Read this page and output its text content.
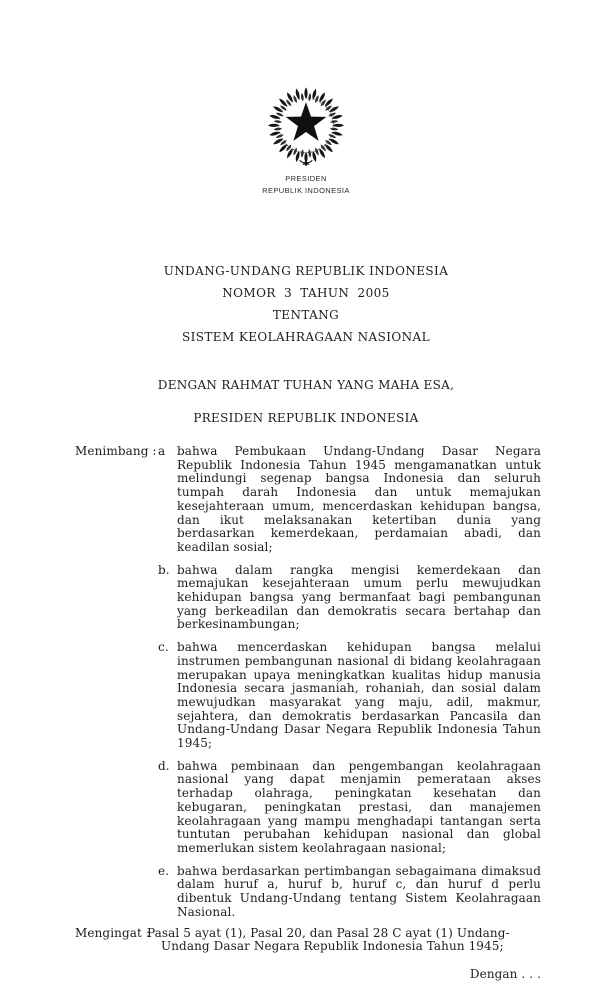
PRESIDEN
REPUBLIK INDONESIA
UNDANG-UNDANG REPUBLIK INDONESIA
NOMOR 3 TAHUN 2005
TENTANG
SISTEM KEOLAHRAGAAN NASIONAL
DENGAN RAHMAT TUHAN YANG MAHA ESA,
PRESIDEN REPUBLIK INDONESIA
Menimbang : a bahwa Pembukaan Undang-Undang Dasar Negara Republik Indonesia Tahun 1945 mengamanatkan untuk melindungi segenap bangsa Indonesia dan seluruh tumpah darah Indonesia dan untuk memajukan kesejahteraan umum, mencerdaskan kehidupan bangsa, dan ikut melaksanakan ketertiban dunia yang berdasarkan kemerdekaan, perdamaian abadi, dan keadilan sosial;
b. bahwa dalam rangka mengisi kemerdekaan dan memajukan kesejahteraan umum perlu mewujudkan kehidupan bangsa yang bermanfaat bagi pembangunan yang berkeadilan dan demokratis secara bertahap dan berkesinambungan;
c. bahwa mencerdaskan kehidupan bangsa melalui instrumen pembangunan nasional di bidang keolahragaan merupakan upaya meningkatkan kualitas hidup manusia Indonesia secara jasmaniah, rohaniah, dan sosial dalam mewujudkan masyarakat yang maju, adil, makmur, sejahtera, dan demokratis berdasarkan Pancasila dan Undang-Undang Dasar Negara Republik Indonesia Tahun 1945;
d. bahwa pembinaan dan pengembangan keolahragaan nasional yang dapat menjamin pemerataan akses terhadap olahraga, peningkatan kesehatan dan kebugaran, peningkatan prestasi, dan manajemen keolahragaan yang mampu menghadapi tantangan serta tuntutan perubahan kehidupan nasional dan global memerlukan sistem keolahragaan nasional;
e. bahwa berdasarkan pertimbangan sebagaimana dimaksud dalam huruf a, huruf b, huruf c, dan huruf d perlu dibentuk Undang-Undang tentang Sistem Keolahragaan Nasional.
Mengingat :
Pasal 5 ayat (1), Pasal 20, dan Pasal 28 C ayat (1) Undang-Undang Dasar Negara Republik Indonesia Tahun 1945;
Dengan . . .
